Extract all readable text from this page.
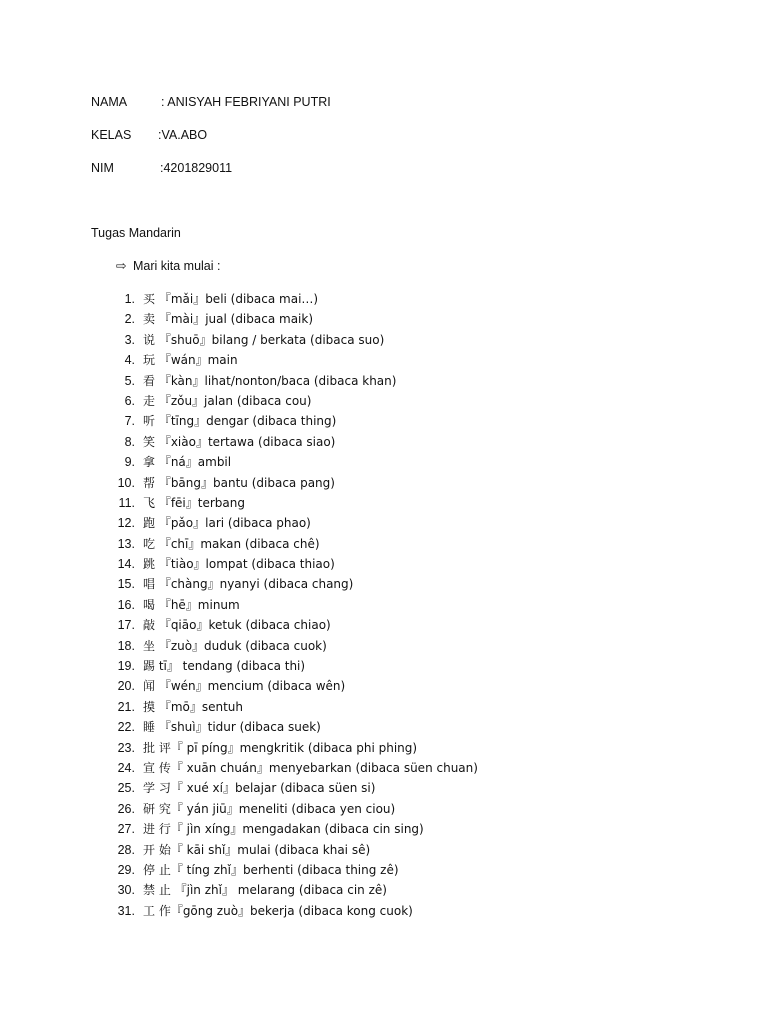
NAMA	: ANISYAH FEBRIYANI PUTRI
KELAS :VA.ABO
NIM	:4201829011
Tugas Mandarin
⇨ Mari kita mulai :
1. 买 『mǎi』beli (dibaca mai…)
2. 卖 『mài』jual (dibaca maik)
3. 说 『shuō』bilang / berkata (dibaca suo)
4. 玩 『wán』main
5. 看 『kàn』lihat/nonton/baca (dibaca khan)
6. 走 『zǒu』jalan (dibaca cou)
7. 听 『tīng』dengar (dibaca thing)
8. 笑 『xiào』tertawa (dibaca siao)
9. 拿 『ná』ambil
10. 帮 『bāng』bantu (dibaca pang)
11. 飞 『fēi』terbang
12. 跑 『pǎo』lari (dibaca phao)
13. 吃 『chī』makan (dibaca chê)
14. 跳 『tiào』lompat (dibaca thiao)
15. 唱 『chàng』nyanyi (dibaca chang)
16. 喝 『hē』minum
17. 敲 『qiāo』ketuk (dibaca chiao)
18. 坐 『zuò』duduk (dibaca cuok)
19. 踢 tī』 tendang (dibaca thi)
20. 闻 『wén』mencium (dibaca wên)
21. 摸 『mō』sentuh
22. 睡 『shuì』tidur (dibaca suek)
23. 批 评『 pī píng』mengkritik (dibaca phi phing)
24. 宣 传『 xuān chuán』menyebarkan (dibaca süen chuan)
25. 学 习『 xué xí』belajar (dibaca süen si)
26. 研 究『 yán jiū』meneliti (dibaca yen ciou)
27. 进 行『 jìn xíng』mengadakan (dibaca cin sing)
28. 开 始『 kāi shǐ』mulai (dibaca khai sê)
29. 停 止『 tíng zhǐ』berhenti (dibaca thing zê)
30. 禁 止 『jìn zhǐ』 melarang (dibaca cin zê)
31. 工 作『gōng zuò』bekerja (dibaca kong cuok)
